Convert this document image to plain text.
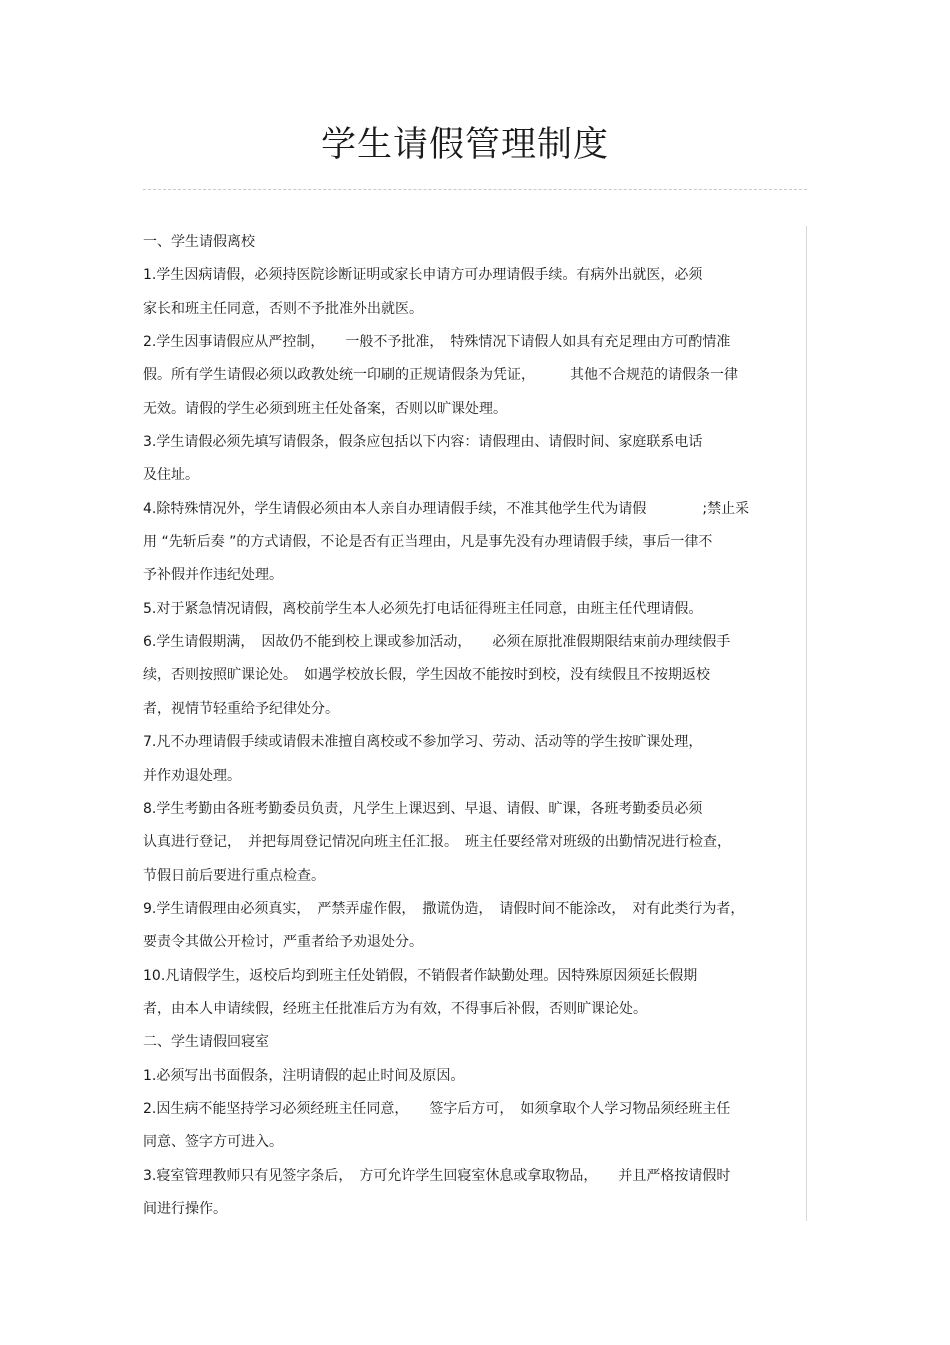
学生请假管理制度
一、学生请假离校
1.学生因病请假，必须持医院诊断证明或家长申请方可办理请假手续。有病外出就医，必须
家长和班主任同意，否则不予批准外出就医。
2.学生因事请假应从严控制，　　一般不予批准，　特殊情况下请假人如具有充足理由方可酌情准
假。所有学生请假必须以政教处统一印刷的正规请假条为凭证，　　　其他不合规范的请假条一律
无效。请假的学生必须到班主任处备案，否则以旷课处理。
3.学生请假必须先填写请假条，假条应包括以下内容：请假理由、请假时间、家庭联系电话
及住址。
4.除特殊情况外，学生请假必须由本人亲自办理请假手续，不准其他学生代为请假　　　　;禁止采
用 “先斩后奏 ”的方式请假，不论是否有正当理由，凡是事先没有办理请假手续，事后一律不
予补假并作违纪处理。
5.对于紧急情况请假，离校前学生本人必须先打电话征得班主任同意，由班主任代理请假。
6.学生请假期满，　因故仍不能到校上课或参加活动，　　必须在原批准假期限结束前办理续假手
续，否则按照旷课论处。　如遇学校放长假，学生因故不能按时到校，没有续假且不按期返校
者，视情节轻重给予纪律处分。
7.凡不办理请假手续或请假未准擅自离校或不参加学习、劳动、活动等的学生按旷课处理，
并作劝退处理。
8.学生考勤由各班考勤委员负责，凡学生上课迟到、早退、请假、旷课，各班考勤委员必须
认真进行登记，　并把每周登记情况向班主任汇报。　班主任要经常对班级的出勤情况进行检查，
节假日前后要进行重点检查。
9.学生请假理由必须真实，　严禁弄虚作假，　撒谎伪造，　请假时间不能涂改，　对有此类行为者，
要责令其做公开检讨，严重者给予劝退处分。
10.凡请假学生，返校后均到班主任处销假，不销假者作缺勤处理。因特殊原因须延长假期
者，由本人申请续假，经班主任批准后方为有效，不得事后补假，否则旷课论处。
二、学生请假回寝室
1.必须写出书面假条，注明请假的起止时间及原因。
2.因生病不能坚持学习必须经班主任同意，　　签字后方可，　如须拿取个人学习物品须经班主任
同意、签字方可进入。
3.寝室管理教师只有见签字条后，　方可允许学生回寝室休息或拿取物品，　　并且严格按请假时
间进行操作。
